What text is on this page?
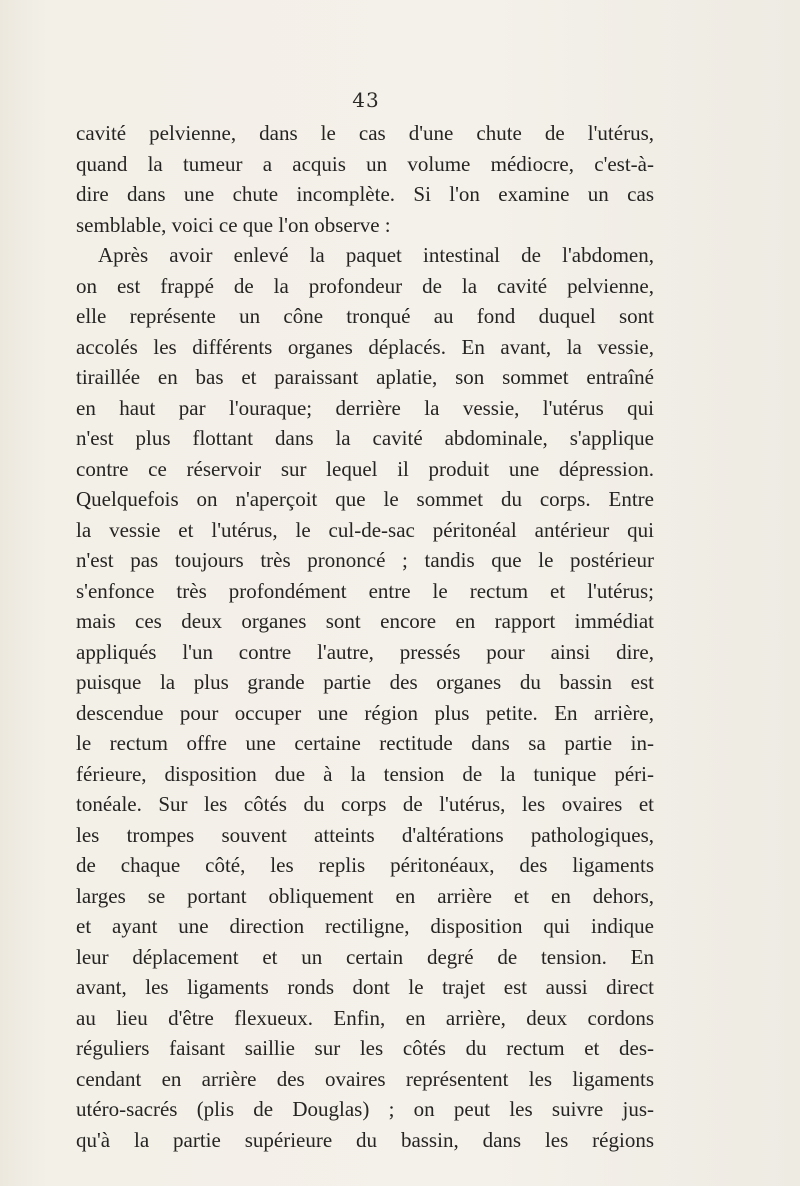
43
cavité pelvienne, dans le cas d'une chute de l'utérus,
quand la tumeur a acquis un volume médiocre, c'est-à-
dire dans une chute incomplète. Si l'on examine un cas
semblable, voici ce que l'on observe :
Après avoir enlevé la paquet intestinal de l'abdomen,
on est frappé de la profondeur de la cavité pelvienne,
elle représente un cône tronqué au fond duquel sont
accolés les différents organes déplacés. En avant, la vessie,
tiraillée en bas et paraissant aplatie, son sommet entraîné
en haut par l'ouraque; derrière la vessie, l'utérus qui
n'est plus flottant dans la cavité abdominale, s'applique
contre ce réservoir sur lequel il produit une dépression.
Quelquefois on n'aperçoit que le sommet du corps. Entre
la vessie et l'utérus, le cul-de-sac péritonéal antérieur qui
n'est pas toujours très prononcé ; tandis que le postérieur
s'enfonce très profondément entre le rectum et l'utérus;
mais ces deux organes sont encore en rapport immédiat
appliqués l'un contre l'autre, pressés pour ainsi dire,
puisque la plus grande partie des organes du bassin est
descendue pour occuper une région plus petite. En arrière,
le rectum offre une certaine rectitude dans sa partie in-
férieure, disposition due à la tension de la tunique péri-
tonéale. Sur les côtés du corps de l'utérus, les ovaires et
les trompes souvent atteints d'altérations pathologiques,
de chaque côté, les replis péritonéaux, des ligaments
larges se portant obliquement en arrière et en dehors,
et ayant une direction rectiligne, disposition qui indique
leur déplacement et un certain degré de tension. En
avant, les ligaments ronds dont le trajet est aussi direct
au lieu d'être flexueux. Enfin, en arrière, deux cordons
réguliers faisant saillie sur les côtés du rectum et des-
cendant en arrière des ovaires représentent les ligaments
utéro-sacrés (plis de Douglas) ; on peut les suivre jus-
qu'à la partie supérieure du bassin, dans les régions
